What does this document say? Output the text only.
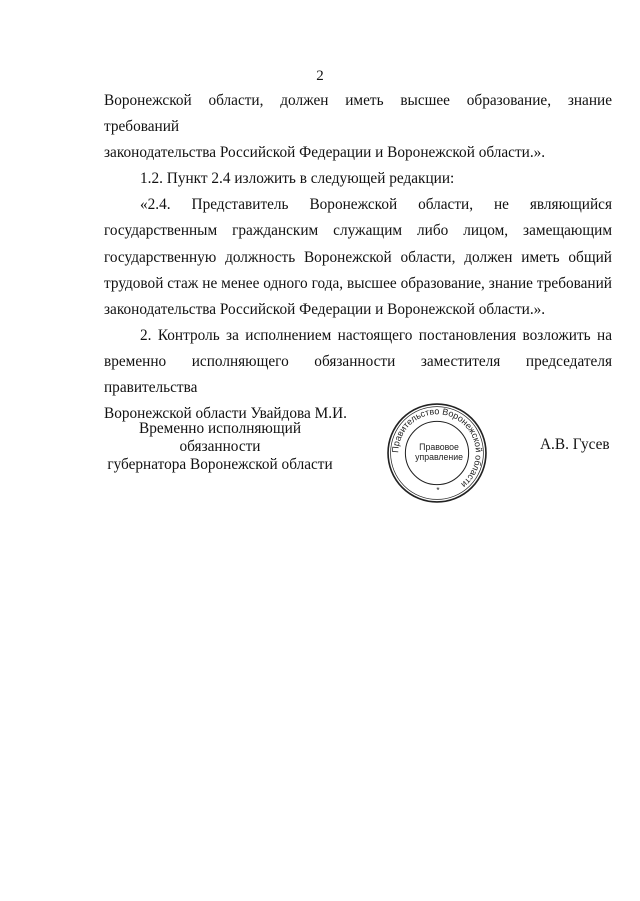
2

Воронежской области, должен иметь высшее образование, знание требований

законодательства Российской Федерации и Воронежской области.».

1.2. Пункт 2.4 изложить в следующей редакции:

«2.4. Представитель Воронежской области, не являющийся

государственным гражданским служащим либо лицом, замещающим

государственную должность Воронежской области, должен иметь общий

трудовой стаж не менее одного года, высшее образование, знание требований

законодательства Российской Федерации и Воронежской области.».

2. Контроль за исполнением настоящего постановления возложить на

временно исполняющего обязанности заместителя председателя правительства

Воронежской области Увайдова М.И.

Временно исполняющий обязанности
губернатора Воронежской области
А.В. Гусев
Правительство Воронежской области
Правовое
управление
*
